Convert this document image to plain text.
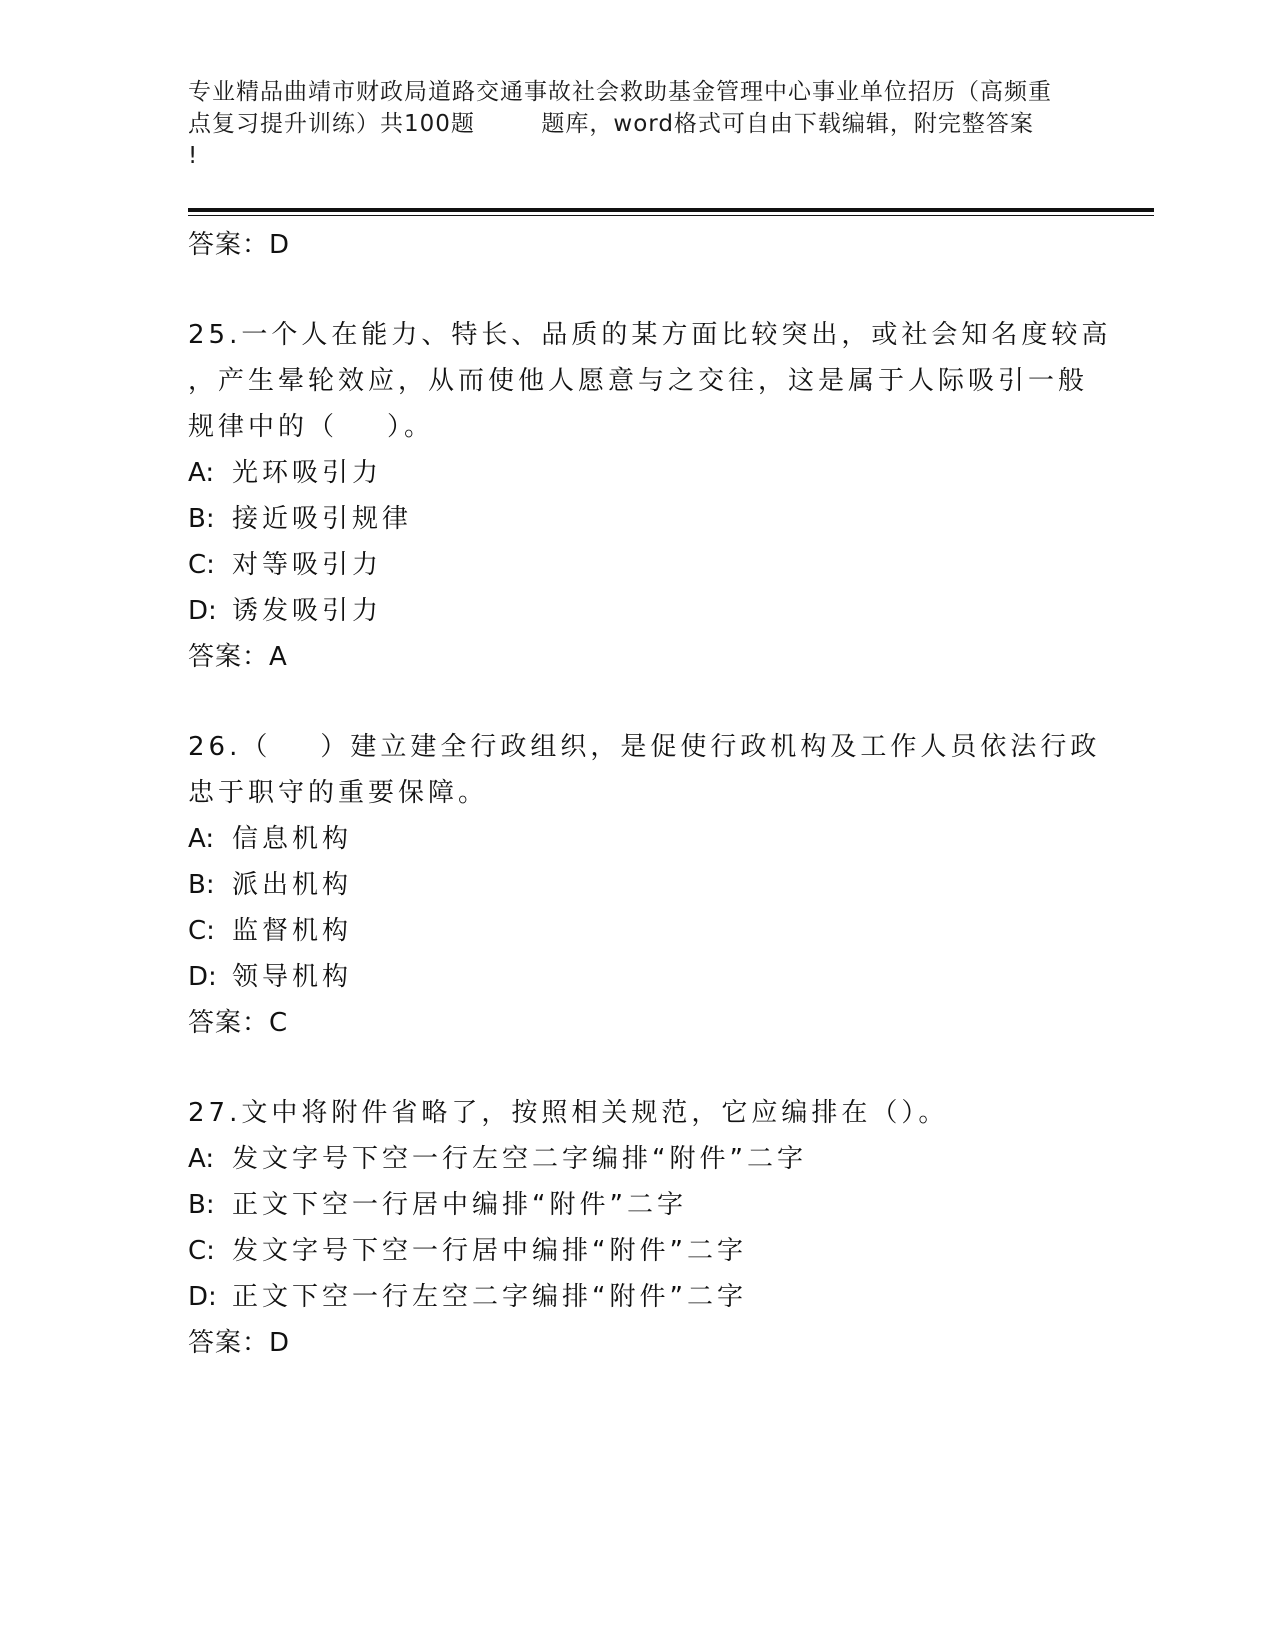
专业精品曲靖市财政局道路交通事故社会救助基金管理中心事业单位招历（高频重
点复习提升训练）共100题        题库，word格式可自由下载编辑，附完整答案
!

答案：D

25.一个人在能力、特长、品质的某方面比较突出，或社会知名度较高

，产生晕轮效应，从而使他人愿意与之交往，这是属于人际吸引一般

规律中的（    ）。

A: 光环吸引力

B: 接近吸引规律

C: 对等吸引力

D: 诱发吸引力

答案：A

26.（    ）建立建全行政组织，是促使行政机构及工作人员依法行政

忠于职守的重要保障。

A: 信息机构

B: 派出机构

C: 监督机构

D: 领导机构

答案：C

27.文中将附件省略了，按照相关规范，它应编排在（）。

A: 发文字号下空一行左空二字编排“附件”二字

B: 正文下空一行居中编排“附件”二字

C: 发文字号下空一行居中编排“附件”二字

D: 正文下空一行左空二字编排“附件”二字

答案：D
